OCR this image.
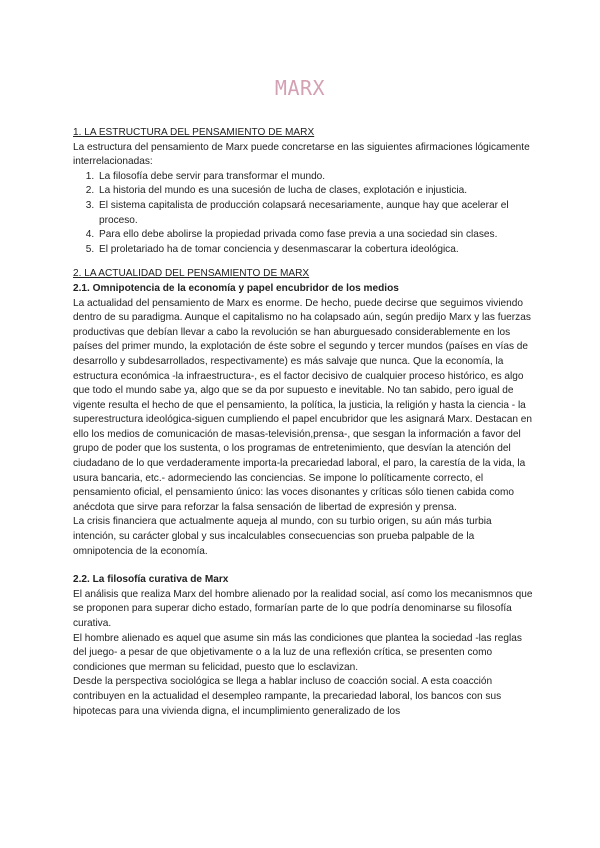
MARX
1. LA ESTRUCTURA DEL PENSAMIENTO DE MARX

La estructura del pensamiento de Marx puede concretarse en las siguientes afirmaciones lógicamente interrelacionadas:

1. La filosofía debe servir para transformar el mundo.
2. La historia del mundo es una sucesión de lucha de clases, explotación e injusticia.
3. El sistema capitalista de producción colapsará necesariamente, aunque hay que acelerar el proceso.
4. Para ello debe abolirse la propiedad privada como fase previa a una sociedad sin clases.
5. El proletariado ha de tomar conciencia y desenmascarar la cobertura ideológica.
2. LA ACTUALIDAD DEL PENSAMIENTO DE MARX
2.1. Omnipotencia de la economía y papel encubridor de los medios

La actualidad del pensamiento de Marx es enorme. De hecho, puede decirse que seguimos viviendo dentro de su paradigma. Aunque el capitalismo no ha colapsado aún, según predijo Marx y las fuerzas productivas que debían llevar a cabo la revolución se han aburguesado considerablemente en los países del primer mundo, la explotación de éste sobre el segundo y tercer mundos (países en vías de desarrollo y subdesarrollados, respectivamente) es más salvaje que nunca. Que la economía, la estructura económica -la infraestructura-, es el factor decisivo de cualquier proceso histórico, es algo que todo el mundo sabe ya, algo que se da por supuesto e inevitable. No tan sabido, pero igual de vigente resulta el hecho de que el pensamiento, la política, la justicia, la religión y hasta la ciencia - la superestructura ideológica-siguen cumpliendo el papel encubridor que les asignará Marx. Destacan en ello los medios de comunicación de masas-televisión,prensa-, que sesgan la información a favor del grupo de poder que los sustenta, o los programas de entretenimiento, que desvían la atención del ciudadano de lo que verdaderamente importa-la precariedad laboral, el paro, la carestía de la vida, la usura bancaria, etc.- adormeciendo las conciencias. Se impone lo políticamente correcto, el pensamiento oficial, el pensamiento único: las voces disonantes y críticas sólo tienen cabida como anécdota que sirve para reforzar la falsa sensación de libertad de expresión y prensa.

La crisis financiera que actualmente aqueja al mundo, con su turbio origen, su aún más turbia intención, su carácter global y sus incalculables consecuencias son prueba palpable de la omnipotencia de la economía.

2.2. La filosofía curativa de Marx

El análisis que realiza Marx del hombre alienado por la realidad social, así como los mecanismnos que se proponen para superar dicho estado, formarían parte de lo que podría denominarse su filosofía curativa.

El hombre alienado es aquel que asume sin más las condiciones que plantea la sociedad -las reglas del juego- a pesar de que objetivamente o a la luz de una reflexión crítica, se presenten como condiciones que merman su felicidad, puesto que lo esclavizan.

Desde la perspectiva sociológica se llega a hablar incluso de coacción social. A esta coacción contribuyen en la actualidad el desempleo rampante, la precariedad laboral, los bancos con sus hipotecas para una vivienda digna, el incumplimiento generalizado de los
